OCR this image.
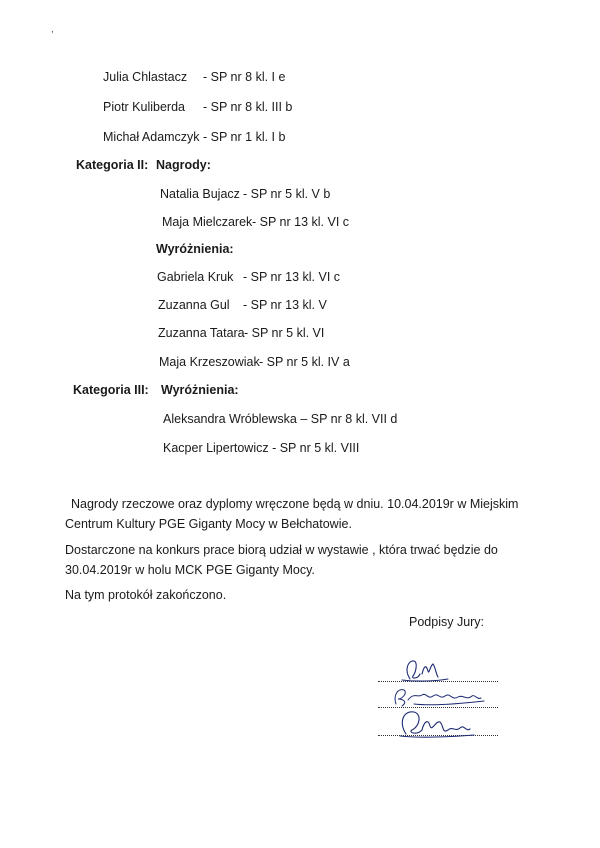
,
Julia Chlastacz - SP nr 8 kl. I e
Piotr Kuliberda - SP nr 8 kl. III b
Michał Adamczyk - SP nr 1 kl. I b
Kategoria II: Nagrody:
Natalia Bujacz - SP nr 5 kl. V b
Maja Mielczarek - SP nr 13 kl. VI c
Wyróżnienia:
Gabriela Kruk - SP nr 13 kl. VI c
Zuzanna Gul - SP nr 13 kl. V
Zuzanna Tatara - SP nr 5 kl. VI
Maja Krzeszowiak - SP nr 5 kl. IV a
Kategoria III: Wyróżnienia:
Aleksandra Wróblewska – SP nr 8 kl. VII d
Kacper Lipertowicz - SP nr 5 kl. VIII
Nagrody rzeczowe oraz dyplomy wręczone będą w dniu. 10.04.2019r w Miejskim Centrum Kultury PGE Giganty Mocy w Bełchatowie.
Dostarczone na konkurs prace biorą udział w wystawie , która trwać będzie do 30.04.2019r w holu MCK PGE Giganty Mocy.
Na tym protokół zakończono.
Podpisy Jury:
